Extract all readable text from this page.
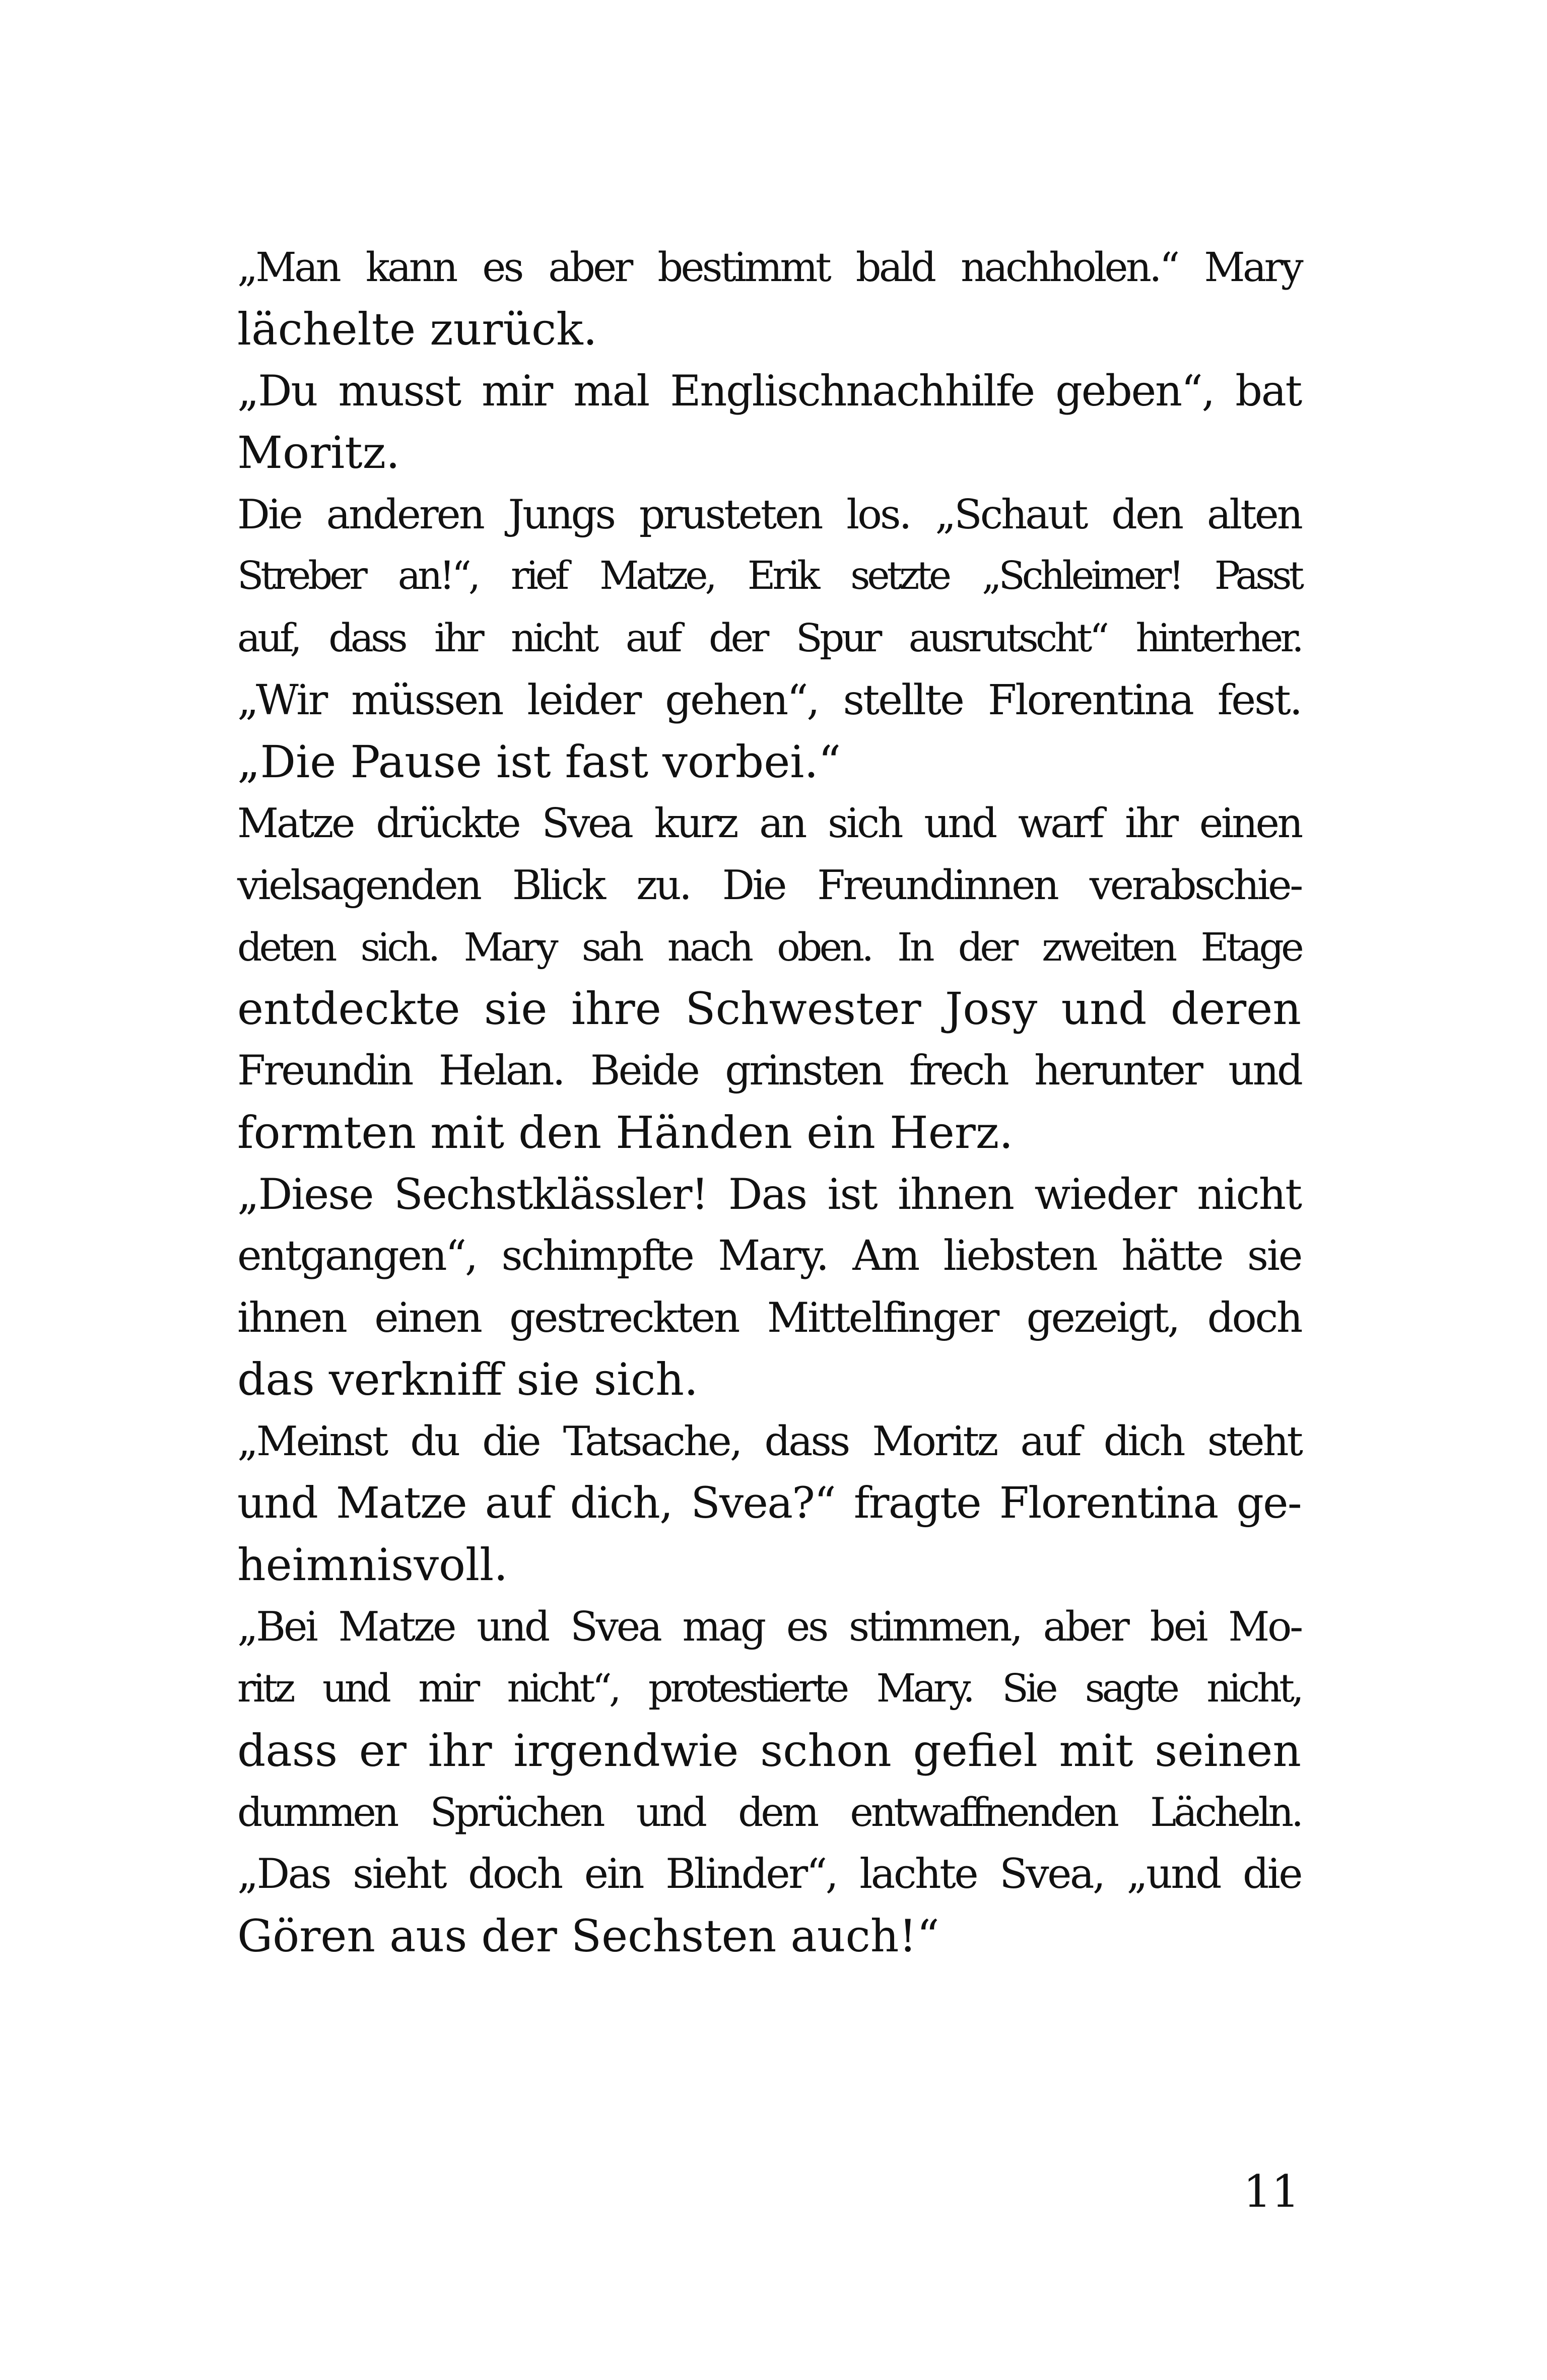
„Man kann es aber bestimmt bald nachholen.“ Mary
lächelte zurück.
„Du musst mir mal Englischnachhilfe geben“, bat
Moritz.
Die anderen Jungs prusteten los. „Schaut den alten
Streber an!“, rief Matze, Erik setzte „Schleimer! Passt
auf, dass ihr nicht auf der Spur ausrutscht“ hinterher.
„Wir müssen leider gehen“, stellte Florentina fest.
„Die Pause ist fast vorbei.“
Matze drückte Svea kurz an sich und warf ihr einen
vielsagenden Blick zu. Die Freundinnen verabschie-
deten sich. Mary sah nach oben. In der zweiten Etage
entdeckte sie ihre Schwester Josy und deren
Freundin Helan. Beide grinsten frech herunter und
formten mit den Händen ein Herz.
„Diese Sechstklässler! Das ist ihnen wieder nicht
entgangen“, schimpfte Mary. Am liebsten hätte sie
ihnen einen gestreckten Mittelfinger gezeigt, doch
das verkniff sie sich.
„Meinst du die Tatsache, dass Moritz auf dich steht
und Matze auf dich, Svea?“ fragte Florentina ge-
heimnisvoll.
„Bei Matze und Svea mag es stimmen, aber bei Mo-
ritz und mir nicht“, protestierte Mary. Sie sagte nicht,
dass er ihr irgendwie schon gefiel mit seinen
dummen Sprüchen und dem entwaffnenden Lächeln.
„Das sieht doch ein Blinder“, lachte Svea, „und die
Gören aus der Sechsten auch!“
11
